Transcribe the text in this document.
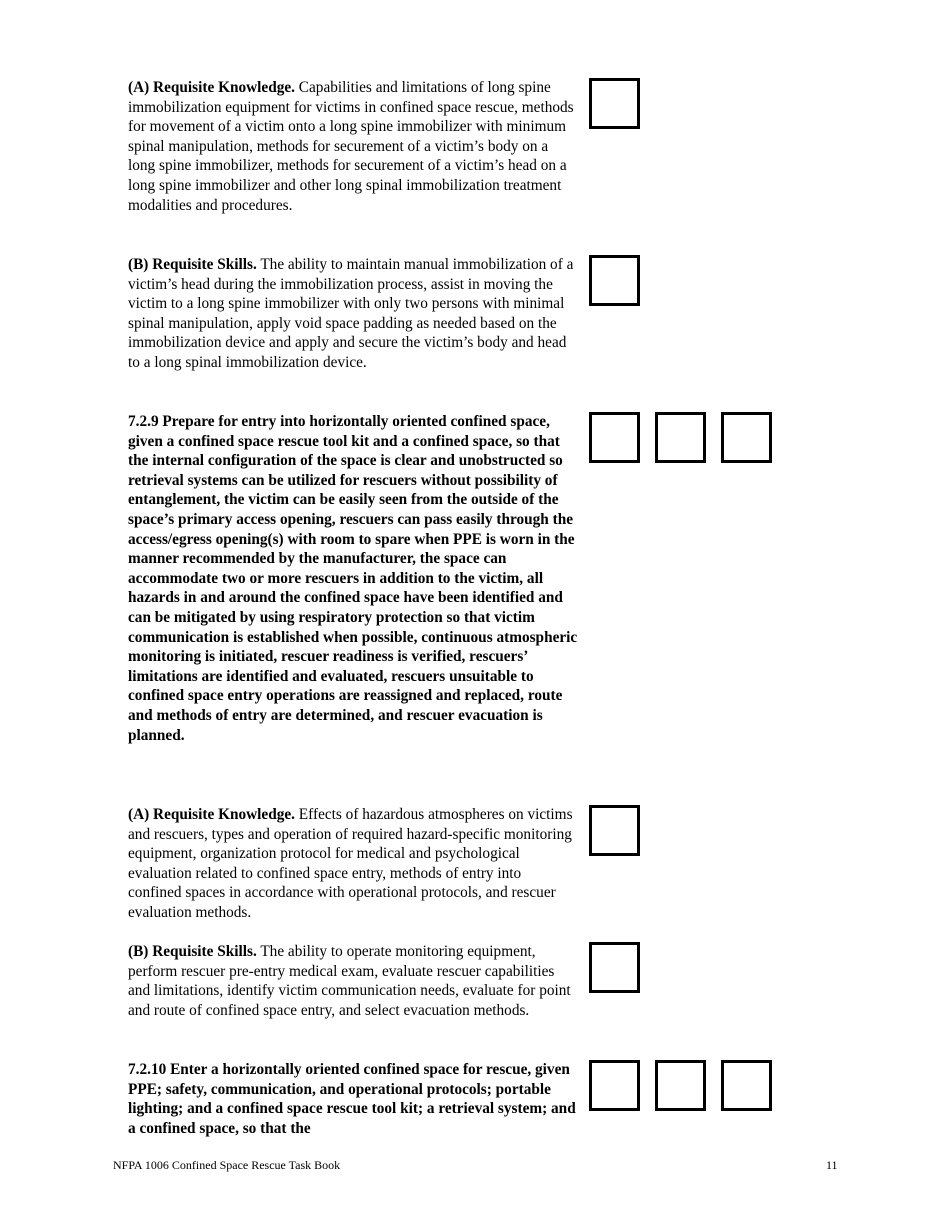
(A) Requisite Knowledge. Capabilities and limitations of long spine immobilization equipment for victims in confined space rescue, methods for movement of a victim onto a long spine immobilizer with minimum spinal manipulation, methods for securement of a victim’s body on a long spine immobilizer, methods for securement of a victim’s head on a long spine immobilizer and other long spinal immobilization treatment modalities and procedures.
(B) Requisite Skills. The ability to maintain manual immobilization of a victim’s head during the immobilization process, assist in moving the victim to a long spine immobilizer with only two persons with minimal spinal manipulation, apply void space padding as needed based on the immobilization device and apply and secure the victim’s body and head to a long spinal immobilization device.
7.2.9 Prepare for entry into horizontally oriented confined space, given a confined space rescue tool kit and a confined space, so that the internal configuration of the space is clear and unobstructed so retrieval systems can be utilized for rescuers without possibility of entanglement, the victim can be easily seen from the outside of the space’s primary access opening, rescuers can pass easily through the access/egress opening(s) with room to spare when PPE is worn in the manner recommended by the manufacturer, the space can accommodate two or more rescuers in addition to the victim, all hazards in and around the confined space have been identified and can be mitigated by using respiratory protection so that victim communication is established when possible, continuous atmospheric monitoring is initiated, rescuer readiness is verified, rescuers’ limitations are identified and evaluated, rescuers unsuitable to confined space entry operations are reassigned and replaced, route and methods of entry are determined, and rescuer evacuation is planned.
(A) Requisite Knowledge. Effects of hazardous atmospheres on victims and rescuers, types and operation of required hazard-specific monitoring equipment, organization protocol for medical and psychological evaluation related to confined space entry, methods of entry into confined spaces in accordance with operational protocols, and rescuer evaluation methods.
(B) Requisite Skills. The ability to operate monitoring equipment, perform rescuer pre-entry medical exam, evaluate rescuer capabilities and limitations, identify victim communication needs, evaluate for point and route of confined space entry, and select evacuation methods.
7.2.10 Enter a horizontally oriented confined space for rescue, given PPE; safety, communication, and operational protocols; portable lighting; and a confined space rescue tool kit; a retrieval system; and a confined space, so that the
NFPA 1006 Confined Space Rescue Task Book	11
